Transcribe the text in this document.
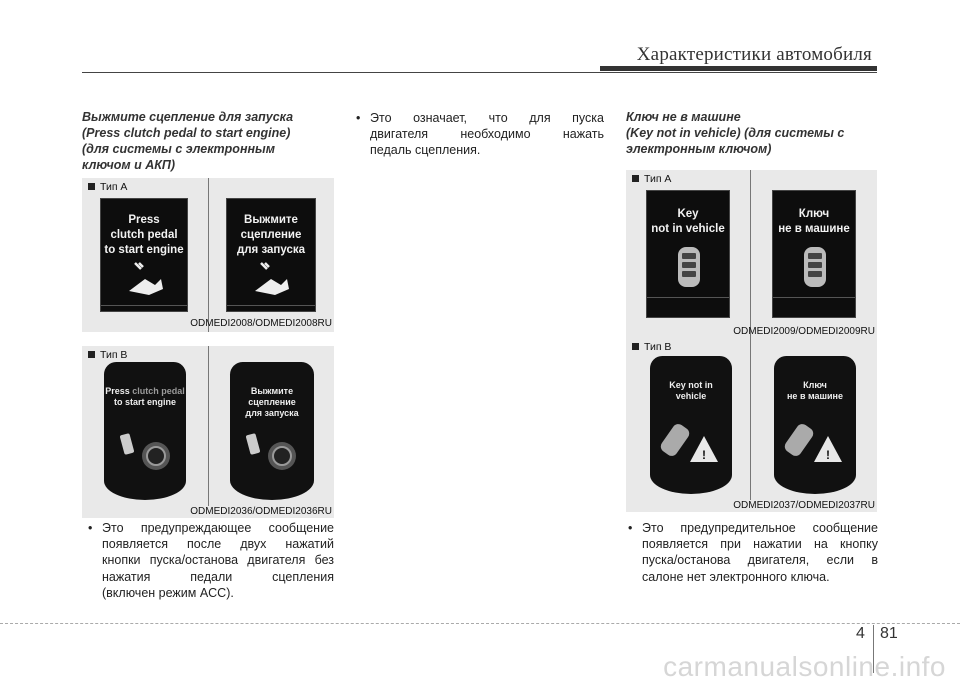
Характеристики автомобиля
Выжмите сцепление для запуска
(Press clutch pedal to start engine)
(для системы с электронным
ключом и АКП)
Тип A
Press
clutch pedal
to start engine
Выжмите
сцепление
для запуска
ODMEDI2008/ODMEDI2008RU
Тип B
Press clutch pedal
to start engine
Выжмите сцепление
для запуска
ODMEDI2036/ODMEDI2036RU
• Это предупреждающее сообщение
появляется после двух нажатий
кнопки пуска/останова двигателя без
нажатия педали сцепления
(включен режим ACC).
• Это означает, что для пуска
двигателя необходимо нажать
педаль сцепления.
Ключ не в машине
(Key not in vehicle) (для системы с
электронным ключом)
Тип A
Key
not in vehicle
Ключ
не в машине
ODMEDI2009/ODMEDI2009RU
Тип B
Key not in
vehicle
!
Ключ
не в машине
!
ODMEDI2037/ODMEDI2037RU
• Это предупредительное сообщение
появляется при нажатии на кнопку
пуска/останова двигателя, если в
салоне нет электронного ключа.
4 81
carmanualsonline.info
